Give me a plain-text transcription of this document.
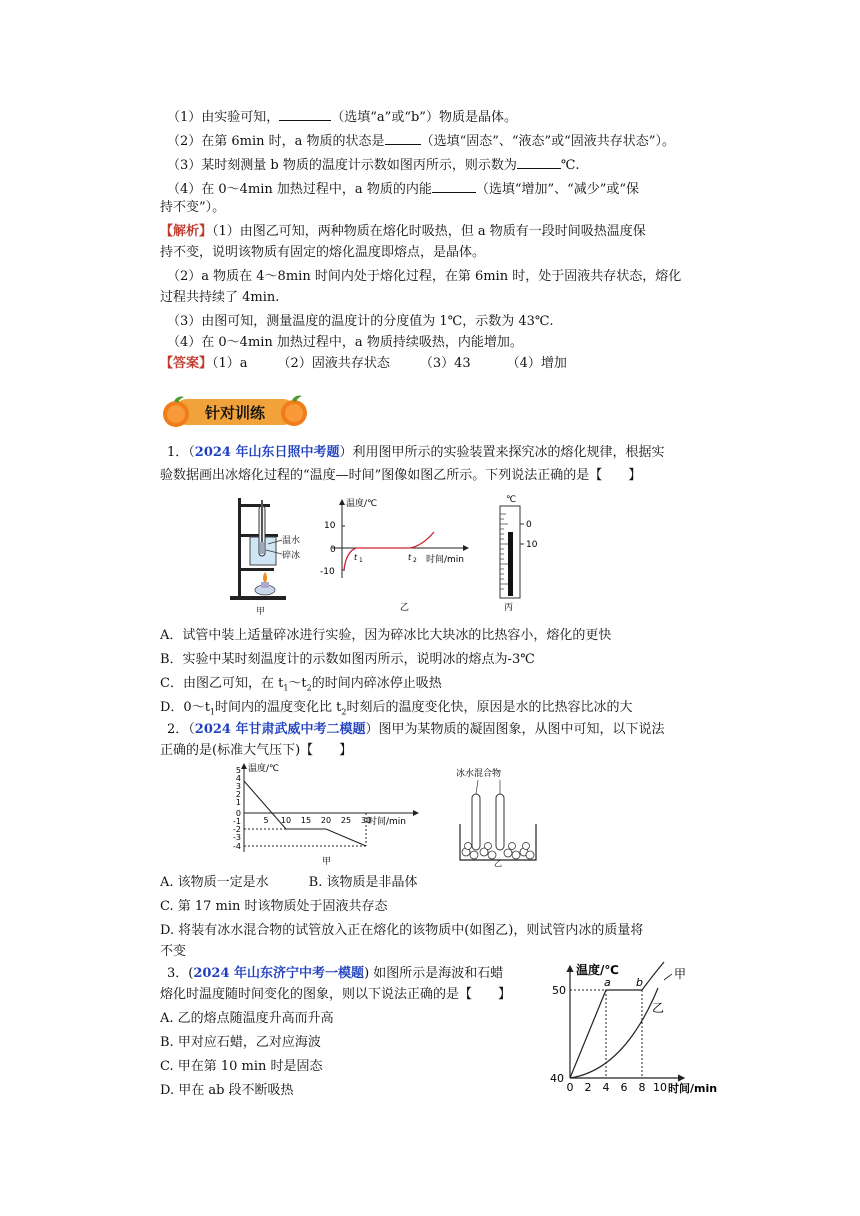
（1）由实验可知，	（选填“a”或“b”）物质是晶体。
（2）在第 6min 时，a 物质的状态是	（选填“固态”、“液态”或“固液共存状态”）。
（3）某时刻测量 b 物质的温度计示数如图丙所示，则示数为	℃.
（4）在 0～4min 加热过程中，a 物质的内能	（选填“增加”、“减少”或“保
持不变”）。
【解析】（1）由图乙可知，两种物质在熔化时吸热，但 a 物质有一段时间吸热温度保
持不变，说明该物质有固定的熔化温度即熔点，是晶体。
（2）a 物质在 4～8min 时间内处于熔化过程，在第 6min 时，处于固液共存状态，熔化
过程共持续了 4min.
（3）由图可知，测量温度的温度计的分度值为 1℃，示数为 43℃.
（4）在 0～4min 加热过程中，a 物质持续吸热，内能增加。
【答案】（1）a （2）固液共存状态 （3）43	（4）增加
针对训练
1．（2024 年山东日照中考题）利用图甲所示的实验装置来探究冰的熔化规律，根据实
验数据画出冰熔化过程的“温度—时间”图像如图乙所示。下列说法正确的是【　　】
温水
碎冰
甲
温度/℃
时间/min
10
0
-10
t 1	t 2
乙
℃
0
10
丙
A．试管中装上适量碎冰进行实验，因为碎冰比大块冰的比热容小，熔化的更快
B．实验中某时刻温度计的示数如图丙所示，说明冰的熔点为-3℃
C．由图乙可知，在 $t_1\sim t_2$的时间内碎冰停止吸热
D．$0\sim t_1$时间内的温度变化比 $t_2$时刻后的温度变化快，原因是水的比热容比冰的大
2．（2024 年甘肃武威中考二模题）图甲为某物质的凝固图象，从图中可知，以下说法
正确的是(标准大气压下)【　　】
温度/℃
时间/min
5
4
3
2
1
0
-1
-2
-3
-4
5 10 15 20 25 30
甲
冰水混合物
乙
A. 该物质一定是水	B. 该物质是非晶体
C. 第 17 min 时该物质处于固液共存态
D. 将装有冰水混合物的试管放入正在熔化的该物质中(如图乙)，则试管内冰的质量将
不变
3．(2024 年山东济宁中考一模题) 如图所示是海波和石蜡
熔化时温度随时间变化的图象，则以下说法正确的是【　　】
A. 乙的熔点随温度升高而升高
B. 甲对应石蜡，乙对应海波
C. 甲在第 10 min 时是固态
D. 甲在 ab 段不断吸热
温度/℃
时间/min
50
40
0 2 4 6 8 10
a b
甲
乙
